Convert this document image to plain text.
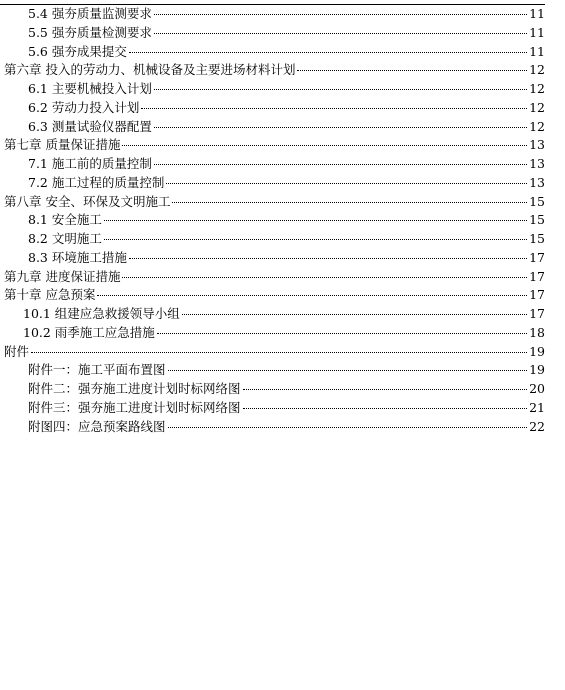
5.4 强夯质量监测要求	11
5.5 强夯质量检测要求	11
5.6 强夯成果提交	11
第六章 投入的劳动力、机械设备及主要进场材料计划	12
6.1 主要机械投入计划	12
6.2 劳动力投入计划	12
6.3 测量试验仪器配置	12
第七章 质量保证措施	13
7.1 施工前的质量控制	13
7.2 施工过程的质量控制	13
第八章 安全、环保及文明施工	15
8.1 安全施工	15
8.2 文明施工	15
8.3 环境施工措施	17
第九章 进度保证措施	17
第十章 应急预案	17
10.1 组建应急救援领导小组	17
10.2 雨季施工应急措施	18
附件	19
附件一：施工平面布置图	19
附件二：强夯施工进度计划时标网络图	20
附件三：强夯施工进度计划时标网络图	21
附图四：应急预案路线图	22
